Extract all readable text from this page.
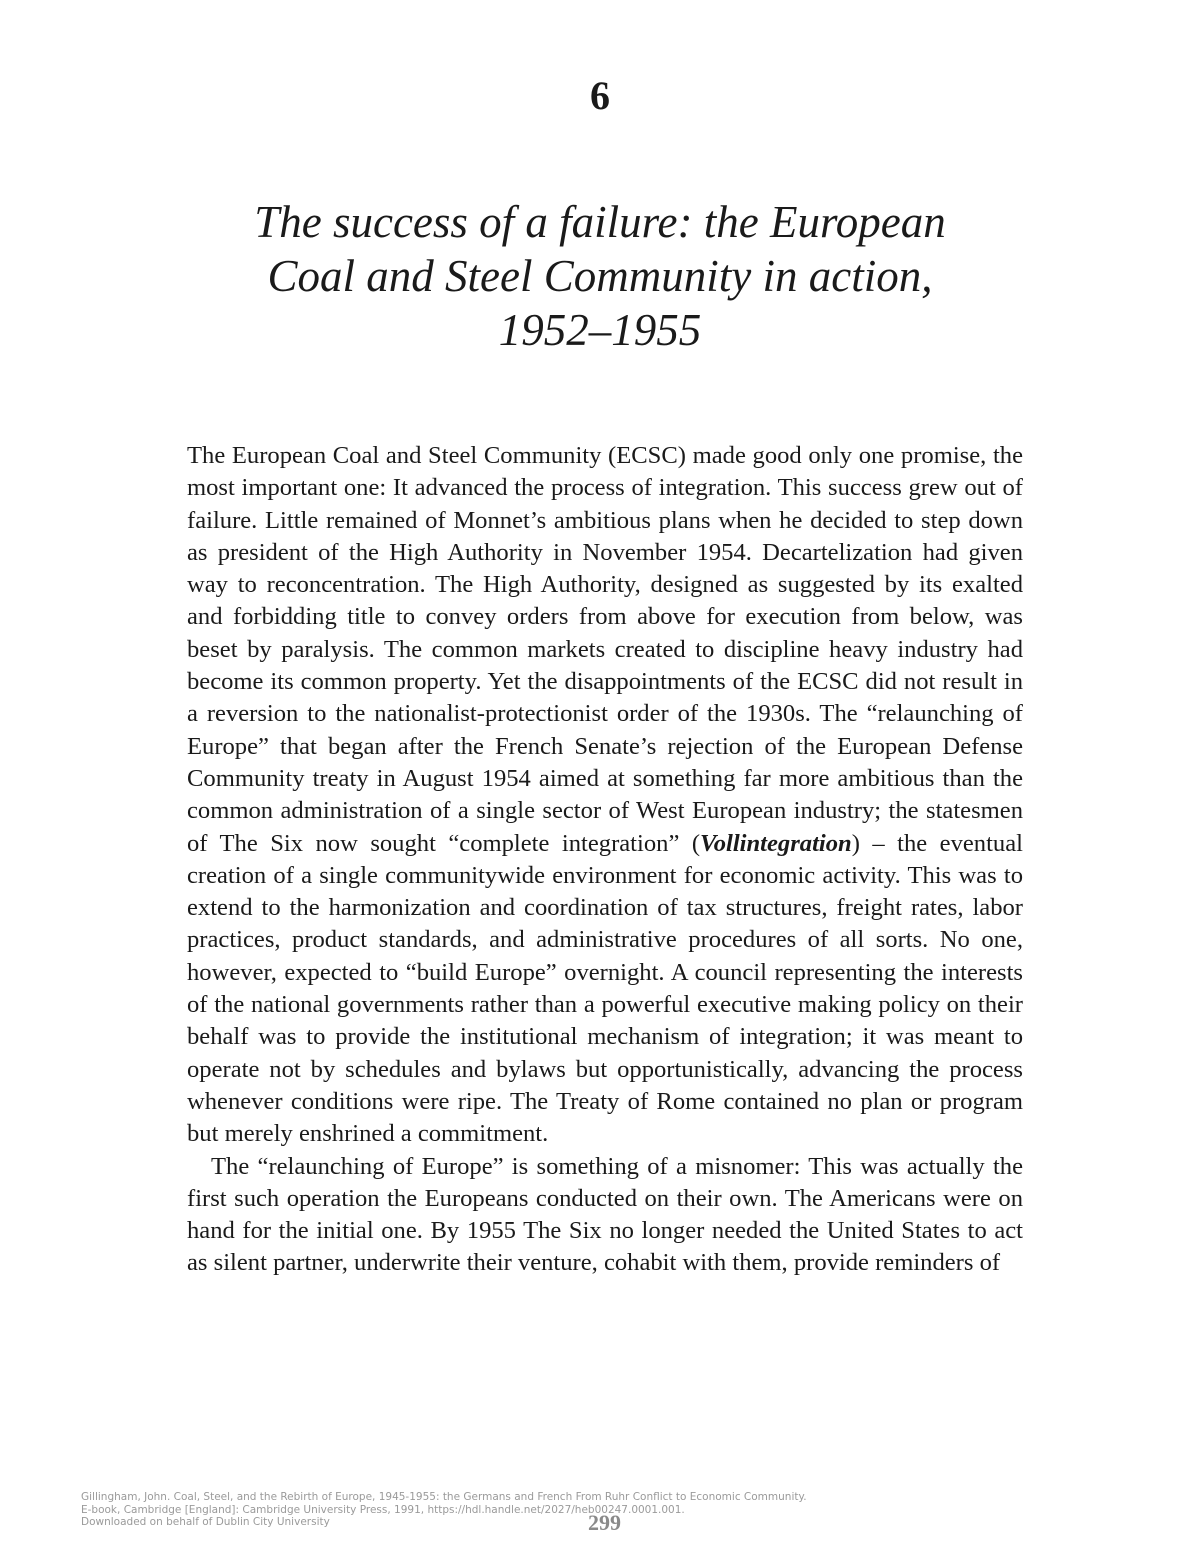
6
The success of a failure: the European
Coal and Steel Community in action,
1952–1955

The European Coal and Steel Community (ECSC) made good only one promise, the most important one: It advanced the process of integration. This success grew out of failure. Little remained of Monnet’s ambitious plans when he decided to step down as president of the High Authority in November 1954. Decartelization had given way to reconcentration. The High Authority, designed as suggested by its exalted and forbidding title to convey orders from above for execution from below, was beset by paralysis. The common markets created to discipline heavy industry had become its common property. Yet the disappointments of the ECSC did not result in a reversion to the nationalist-protectionist order of the 1930s. The “relaunching of Europe” that began after the French Senate’s rejection of the European Defense Community treaty in August 1954 aimed at something far more ambitious than the common administration of a single sector of West European industry; the statesmen of The Six now sought “complete integration” (Vollintegration) – the eventual creation of a single communitywide environment for economic activity. This was to extend to the harmonization and coordination of tax structures, freight rates, labor practices, product standards, and administrative procedures of all sorts. No one, however, expected to “build Europe” overnight. A council representing the interests of the national governments rather than a powerful executive making policy on their behalf was to provide the institutional mechanism of integration; it was meant to operate not by schedules and bylaws but opportunistically, advancing the process whenever conditions were ripe. The Treaty of Rome contained no plan or program but merely enshrined a commitment.

The “relaunching of Europe” is something of a misnomer: This was actually the first such operation the Europeans conducted on their own. The Americans were on hand for the initial one. By 1955 The Six no longer needed the United States to act as silent partner, underwrite their venture, cohabit with them, provide reminders of

Gillingham, John. Coal, Steel, and the Rebirth of Europe, 1945-1955: the Germans and French From Ruhr Conflict to Economic Community.
E-book, Cambridge [England]: Cambridge University Press, 1991, https://hdl.handle.net/2027/heb00247.0001.001.
Downloaded on behalf of Dublin City University	299
